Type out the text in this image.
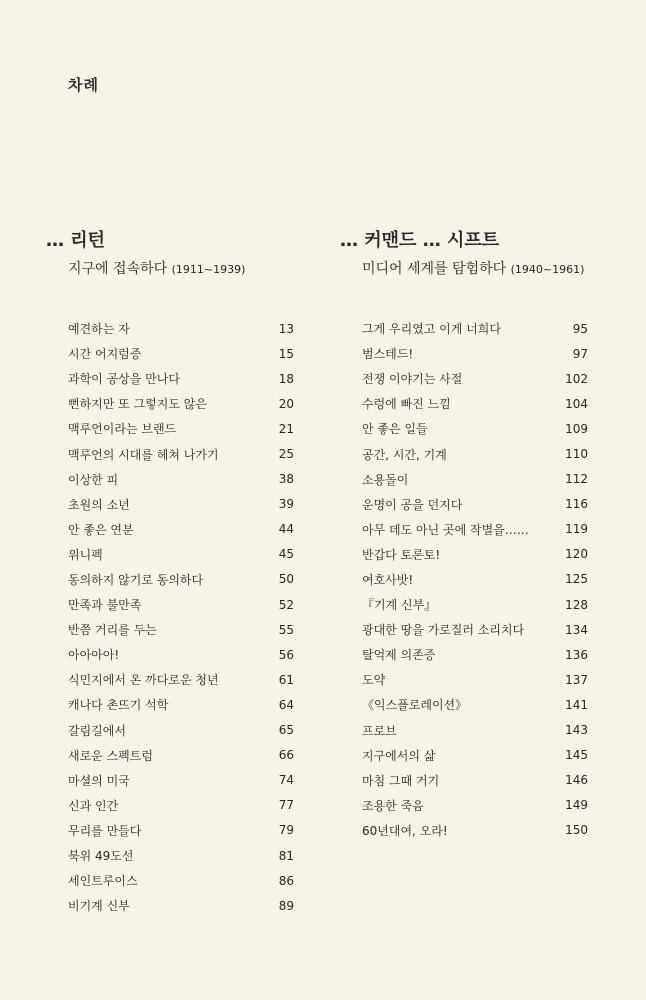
차례
… 리턴

지구에 접속하다 (1911~1939)

… 커맨드 … 시프트

미디어 세계를 탐험하다 (1940~1961)

예견하는 자	13
시간 어지럼증	15
과학이 공상을 만나다	18
뻔하지만 또 그렇지도 않은	20
맥루언이라는 브랜드	21
맥루언의 시대를 헤쳐 나가기	25
이상한 피	38
초원의 소년	39
안 좋은 연분	44
위니펙	45
동의하지 않기로 동의하다	50
만족과 불만족	52
반쯤 거리를 두는	55
아아아아!	56
식민지에서 온 까다로운 청년	61
캐나다 촌뜨기 석학	64
갈림길에서	65
새로운 스펙트럼	66
마셜의 미국	74
신과 인간	77
무리를 만들다	79
북위 49도선	81
세인트루이스	86
비기계 신부	89
그게 우리였고 이게 너희다	95
범스테드!	97
전쟁 이야기는 사절	102
수렁에 빠진 느낌	104
안 좋은 일들	109
공간, 시간, 기계	110
소용돌이	112
운명이 공을 던지다	116
아무 데도 아닌 곳에 작별을……	119
반갑다 토론토!	120
여호사밧!	125
『기계 신부』	128
광대한 땅을 가로질러 소리치다	134
탈억제 의존증	136
도약	137
《익스플로레이션》	141
프로브	143
지구에서의 삶	145
마침 그때 거기	146
조용한 죽음	149
60년대여, 오라!	150
